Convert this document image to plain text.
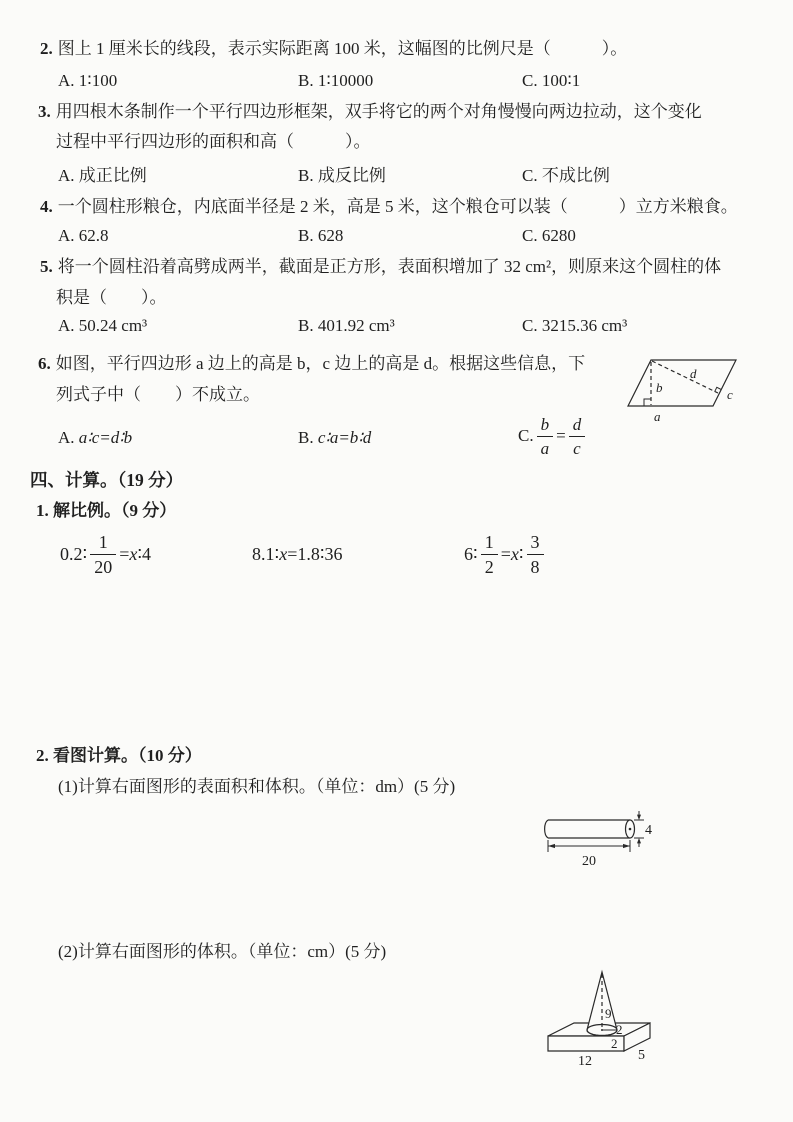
2. 图上 1 厘米长的线段，表示实际距离 100 米，这幅图的比例尺是（　　　）。
A. 1∶100	B. 1∶10000	C. 100∶1
3. 用四根木条制作一个平行四边形框架，双手将它的两个对角慢慢向两边拉动，这个变化
过程中平行四边形的面积和高（　　　）。
A. 成正比例	B. 成反比例	C. 不成比例
4. 一个圆柱形粮仓，内底面半径是 2 米，高是 5 米，这个粮仓可以装（　　　）立方米粮食。
A. 62.8	B. 628	C. 6280
5. 将一个圆柱沿着高劈成两半，截面是正方形，表面积增加了 32 cm²，则原来这个圆柱的体
积是（　　）。
A. 50.24 cm³	B. 401.92 cm³	C. 3215.36 cm³
6. 如图，平行四边形 a 边上的高是 b，c 边上的高是 d。根据这些信息，下
列式子中（　　）不成立。
A. a∶c=d∶b	B. c∶a=b∶d	C. $\frac{b}{a} = \frac{d}{c}$
b
a
d
c
四、计算。（19 分）
1. 解比例。（9 分）
0.2∶ $\frac{1}{20} = x$ ∶4	8.1∶ x =1.8∶36	6∶ $\frac{1}{2} = x$ ∶ $\frac{3}{8}$
2. 看图计算。（10 分）
(1)计算右面图形的表面积和体积。（单位：dm）(5 分)
20
4
(2)计算右面图形的体积。（单位：cm）(5 分)
9
2
2
12	5
